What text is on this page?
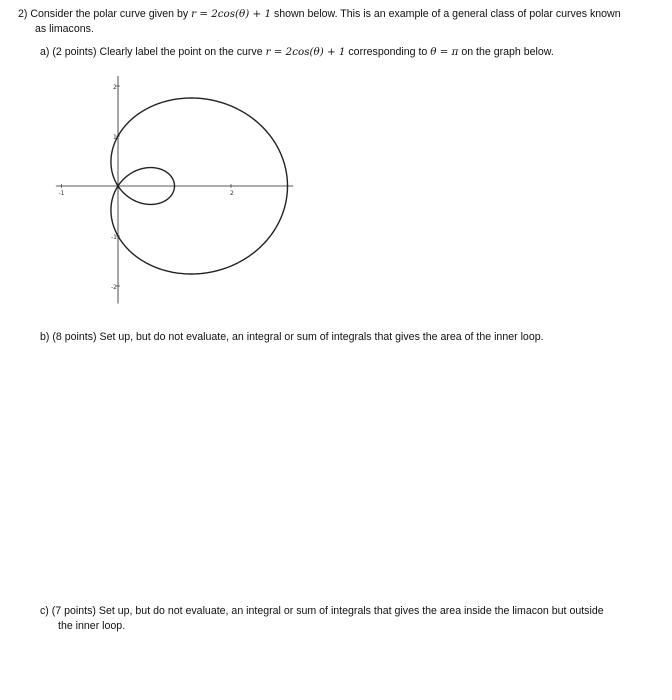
2) Consider the polar curve given by r = 2cos(θ) + 1 shown below. This is an example of a general class of polar curves known
as limacons.
a) (2 points) Clearly label the point on the curve r = 2cos(θ) + 1 corresponding to θ = π on the graph below.
-1	2
2
1
-1
-2
b) (8 points) Set up, but do not evaluate, an integral or sum of integrals that gives the area of the inner loop.
c) (7 points) Set up, but do not evaluate, an integral or sum of integrals that gives the area inside the limacon but outside
the inner loop.
